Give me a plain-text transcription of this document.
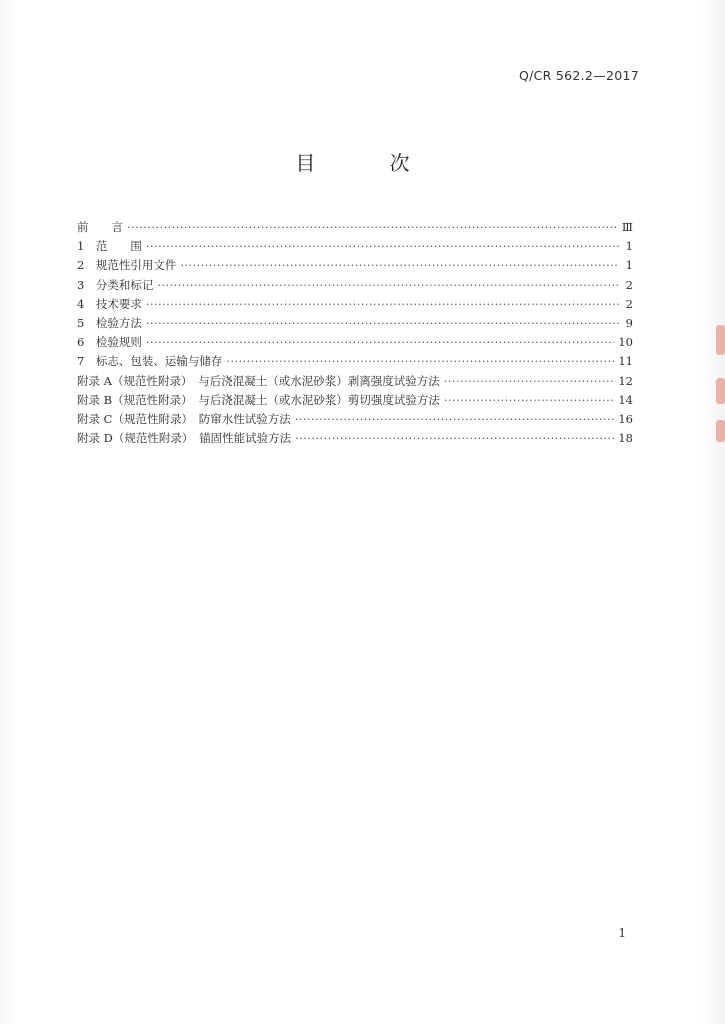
Q/CR 562.2—2017
目 次
前　　言 ·····	Ⅲ
1　范　　围 ·····	1
2　规范性引用文件 ·····	1
3　分类和标记 ·····	2
4　技术要求 ·····	2
5　检验方法 ·····	9
6　检验规则 ·····	10
7　标志、包装、运输与储存 ·····	11
附录 A（规范性附录）　与后浇混凝土（或水泥砂浆）剥离强度试验方法 ·····	12
附录 B（规范性附录）　与后浇混凝土（或水泥砂浆）剪切强度试验方法 ·····	14
附录 C（规范性附录）　防窜水性试验方法 ·····	16
附录 D（规范性附录）　锚固性能试验方法 ·····	18
1
